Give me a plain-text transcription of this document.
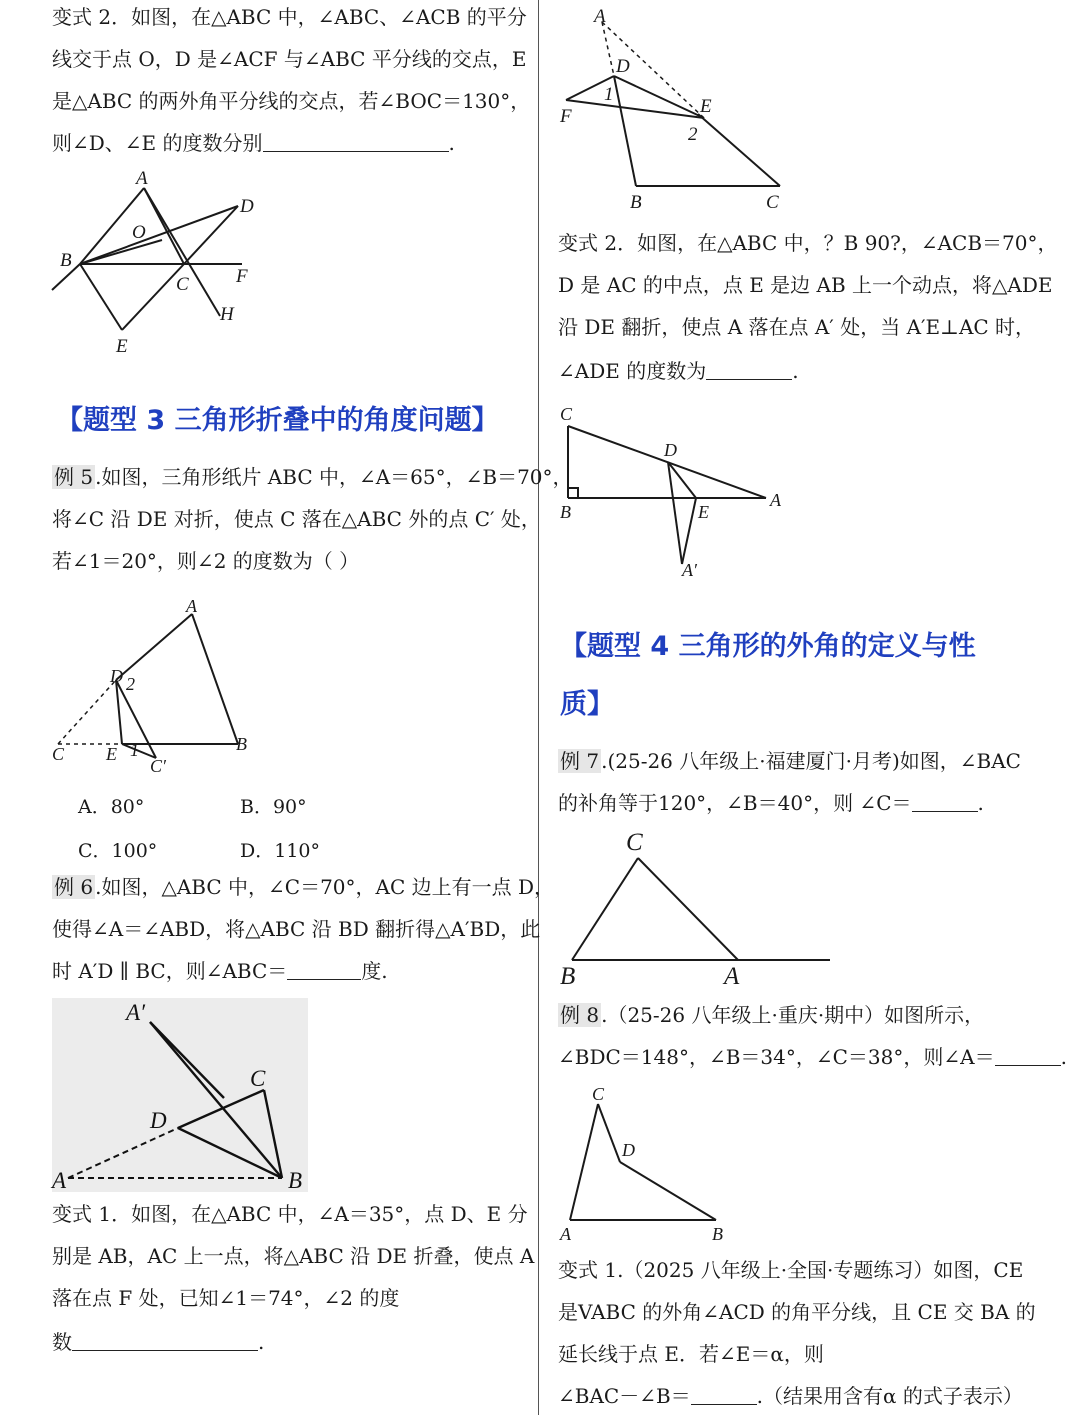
变式 2．如图，在△ABC 中，∠ABC、∠ACB 的平分
线交于点 O，D 是∠ACF 与∠ABC 平分线的交点，E
是△ABC 的两外角平分线的交点，若∠BOC＝130°，
则∠D、∠E 的度数分别	.
A
D
O
B
C F
H
E
【题型 3 三角形折叠中的角度问题】
例 5 .如图，三角形纸片 ABC 中，∠A＝65°，∠B＝70°，
将∠C 沿 DE 对折，使点 C 落在△ABC 外的点 C′ 处，
若∠1＝20°，则∠2 的度数为（ ）
A
D 2
C E 1	B
C′
A．80°	B．90°
C．100°	D．110°
例 6 .如图，△ABC 中，∠C＝70°，AC 边上有一点 D，
使得∠A＝∠ABD，将△ABC 沿 BD 翻折得△A′BD，此
时 A′D ∥ BC，则∠ABC＝	度.
A′
C
D
A	B
变式 1．如图，在△ABC 中，∠A＝35°，点 D、E 分
别是 AB，AC 上一点，将△ABC 沿 DE 折叠，使点 A
落在点 F 处，已知∠1＝74°，∠2 的度
数	.
A
D
1
F	E
2
B	C
变式 2．如图，在△ABC 中，？B 90?，∠ACB＝70°，
D 是 AC 的中点，点 E 是边 AB 上一个动点，将△ADE
沿 DE 翻折，使点 A 落在点 A′ 处，当 A′E⊥AC 时，
∠ADE 的度数为	.
C
D
B	E
A
A′
【题型 4 三角形的外角的定义与性
质】
例 7 .(25-26 八年级上·福建厦门·月考)如图，∠BAC
的补角等于120°，∠B＝40°，则 ∠C＝	.
C
B	A
例 8 .（25-26 八年级上·重庆·期中）如图所示，
∠BDC＝148°，∠B＝34°，∠C＝38°，则∠A＝	.
C
D
A	B
变式 1.（2025 八年级上·全国·专题练习）如图，CE
是VABC 的外角∠ACD 的角平分线，且 CE 交 BA 的
延长线于点 E．若∠E＝α，则
∠BAC－∠B＝	.（结果用含有α 的式子表示）
